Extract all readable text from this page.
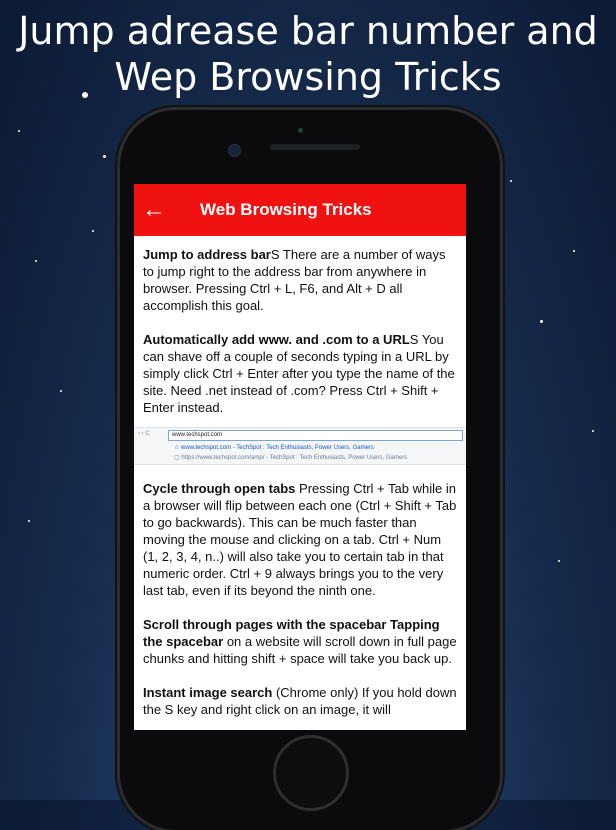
Jump adrease bar number and
Wep Browsing Tricks
←	Web Browsing Tricks

Jump to address barS There are a number of ways to jump right to the address bar from anywhere in browser. Pressing Ctrl + L, F6, and Alt + D all accomplish this goal.

Automatically add www. and .com to a URLS You can shave off a couple of seconds typing in a URL by simply click Ctrl + Enter after you type the name of the site. Need .net instead of .com? Press Ctrl + Shift + Enter instead.

‹ › C	www.techspot.com
☆ www.techspot.com - TechSpot : Tech Enthusiasts, Power Users, Gamers
▢ https://www.techspot.com/amp/ - TechSpot : Tech Enthusiasts, Power Users, Gamers

Cycle through open tabs Pressing Ctrl + Tab while in a browser will flip between each one (Ctrl + Shift + Tab to go backwards). This can be much faster than moving the mouse and clicking on a tab. Ctrl + Num (1, 2, 3, 4, n..) will also take you to certain tab in that numeric order. Ctrl + 9 always brings you to the very last tab, even if its beyond the ninth one.

Scroll through pages with the spacebar Tapping the spacebar on a website will scroll down in full page chunks and hitting shift + space will take you back up.

Instant image search (Chrome only) If you hold down the S key and right click on an image, it will
